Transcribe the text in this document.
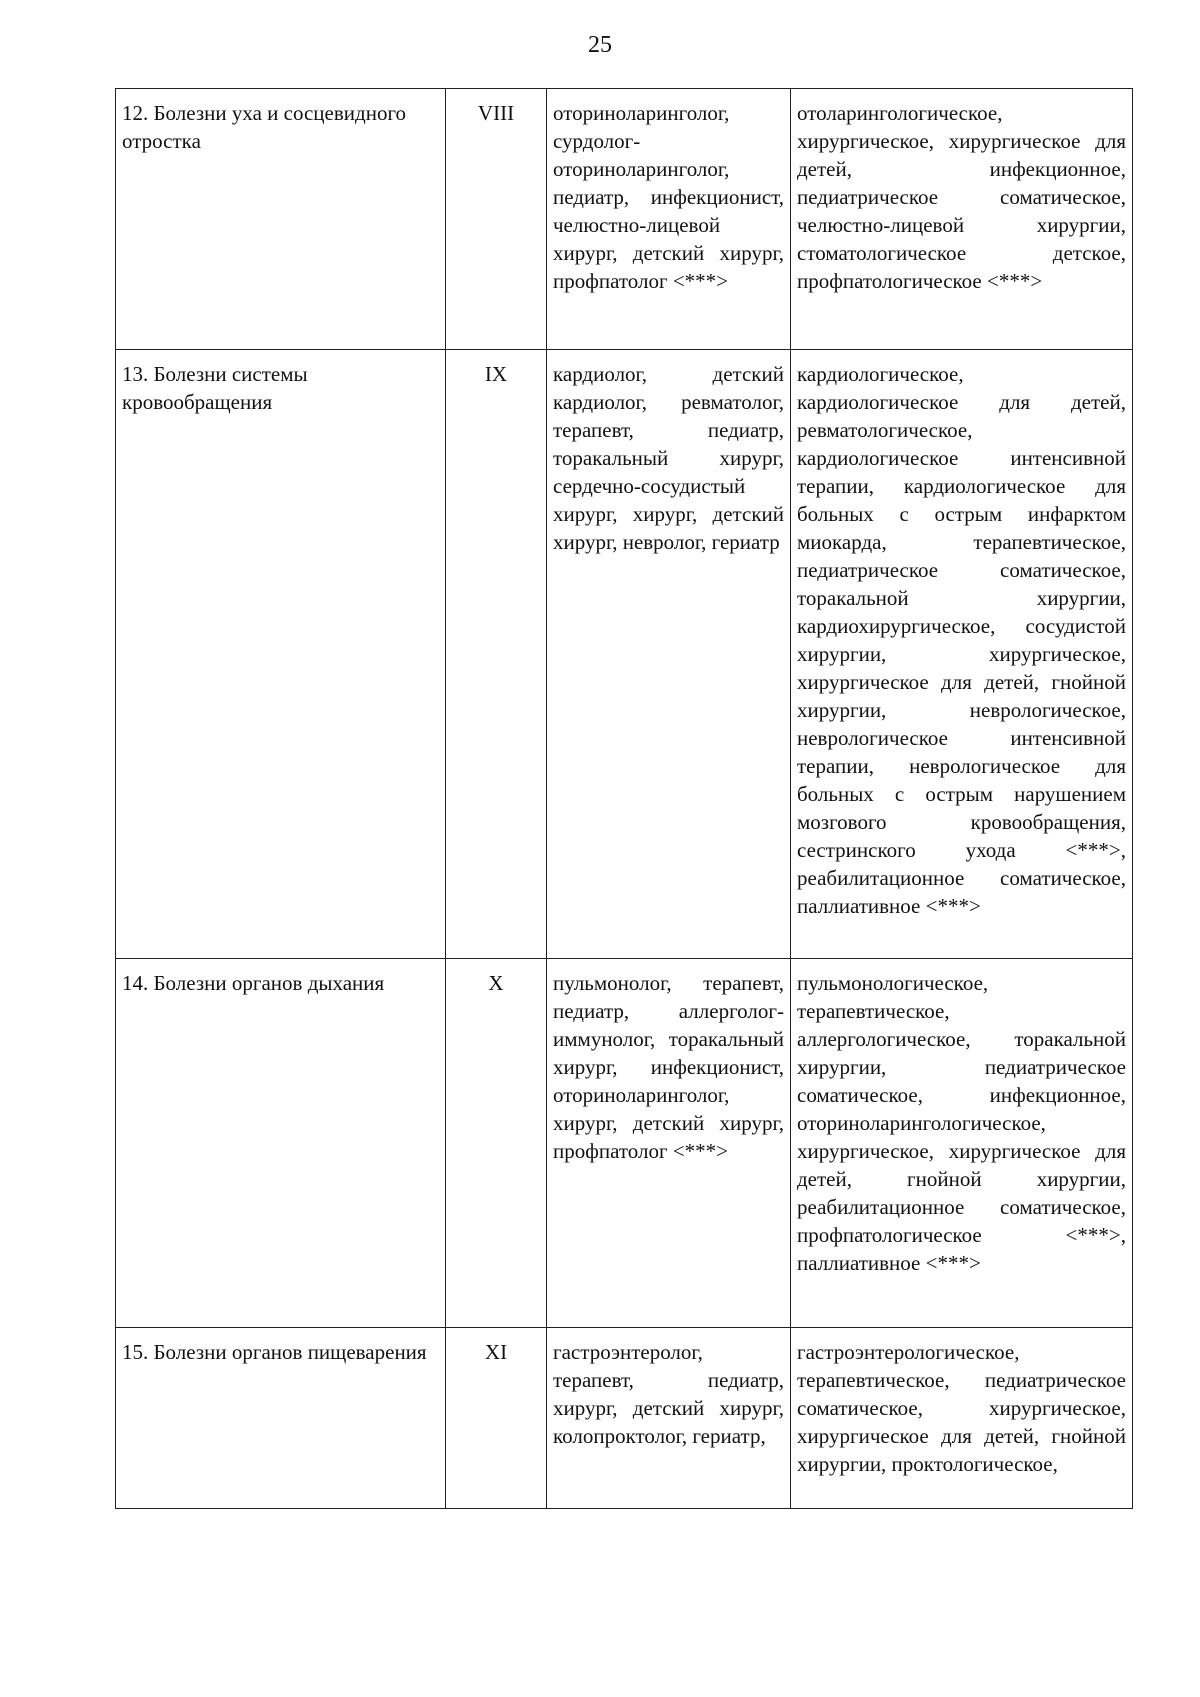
25
12. Болезни уха и сосцевидного отростка	VIII	оториноларинголог, сурдолог-оториноларинголог, педиатр, инфекционист, челюстно-лицевой хирург, детский хирург, профпатолог <***>	отоларингологическое, хирургическое, хирургическое для детей, инфекционное, педиатрическое соматическое, челюстно-лицевой хирургии, стоматологическое детское, профпатологическое <***>

13. Болезни системы кровообращения	IX	кардиолог, детский кардиолог, ревматолог, терапевт, педиатр, торакальный хирург, сердечно-сосудистый хирург, хирург, детский хирург, невролог, гериатр	кардиологическое, кардиологическое для детей, ревматологическое, кардиологическое интенсивной терапии, кардиологическое для больных с острым инфарктом миокарда, терапевтическое, педиатрическое соматическое, торакальной хирургии, кардиохирургическое, сосудистой хирургии, хирургическое, хирургическое для детей, гнойной хирургии, неврологическое, неврологическое интенсивной терапии, неврологическое для больных с острым нарушением мозгового кровообращения, сестринского ухода <***>, реабилитационное соматическое, паллиативное <***>

14. Болезни органов дыхания	X	пульмонолог, терапевт, педиатр, аллерголог-иммунолог, торакальный хирург, инфекционист, оториноларинголог, хирург, детский хирург, профпатолог <***>	пульмонологическое, терапевтическое, аллергологическое, торакальной хирургии, педиатрическое соматическое, инфекционное, оториноларингологическое, хирургическое, хирургическое для детей, гнойной хирургии, реабилитационное соматическое, профпатологическое <***>, паллиативное <***>

15. Болезни органов пищеварения	XI	гастроэнтеролог, терапевт, педиатр, хирург, детский хирург, колопроктолог, гериатр,	гастроэнтерологическое, терапевтическое, педиатрическое соматическое, хирургическое, хирургическое для детей, гнойной хирургии, проктологическое,
